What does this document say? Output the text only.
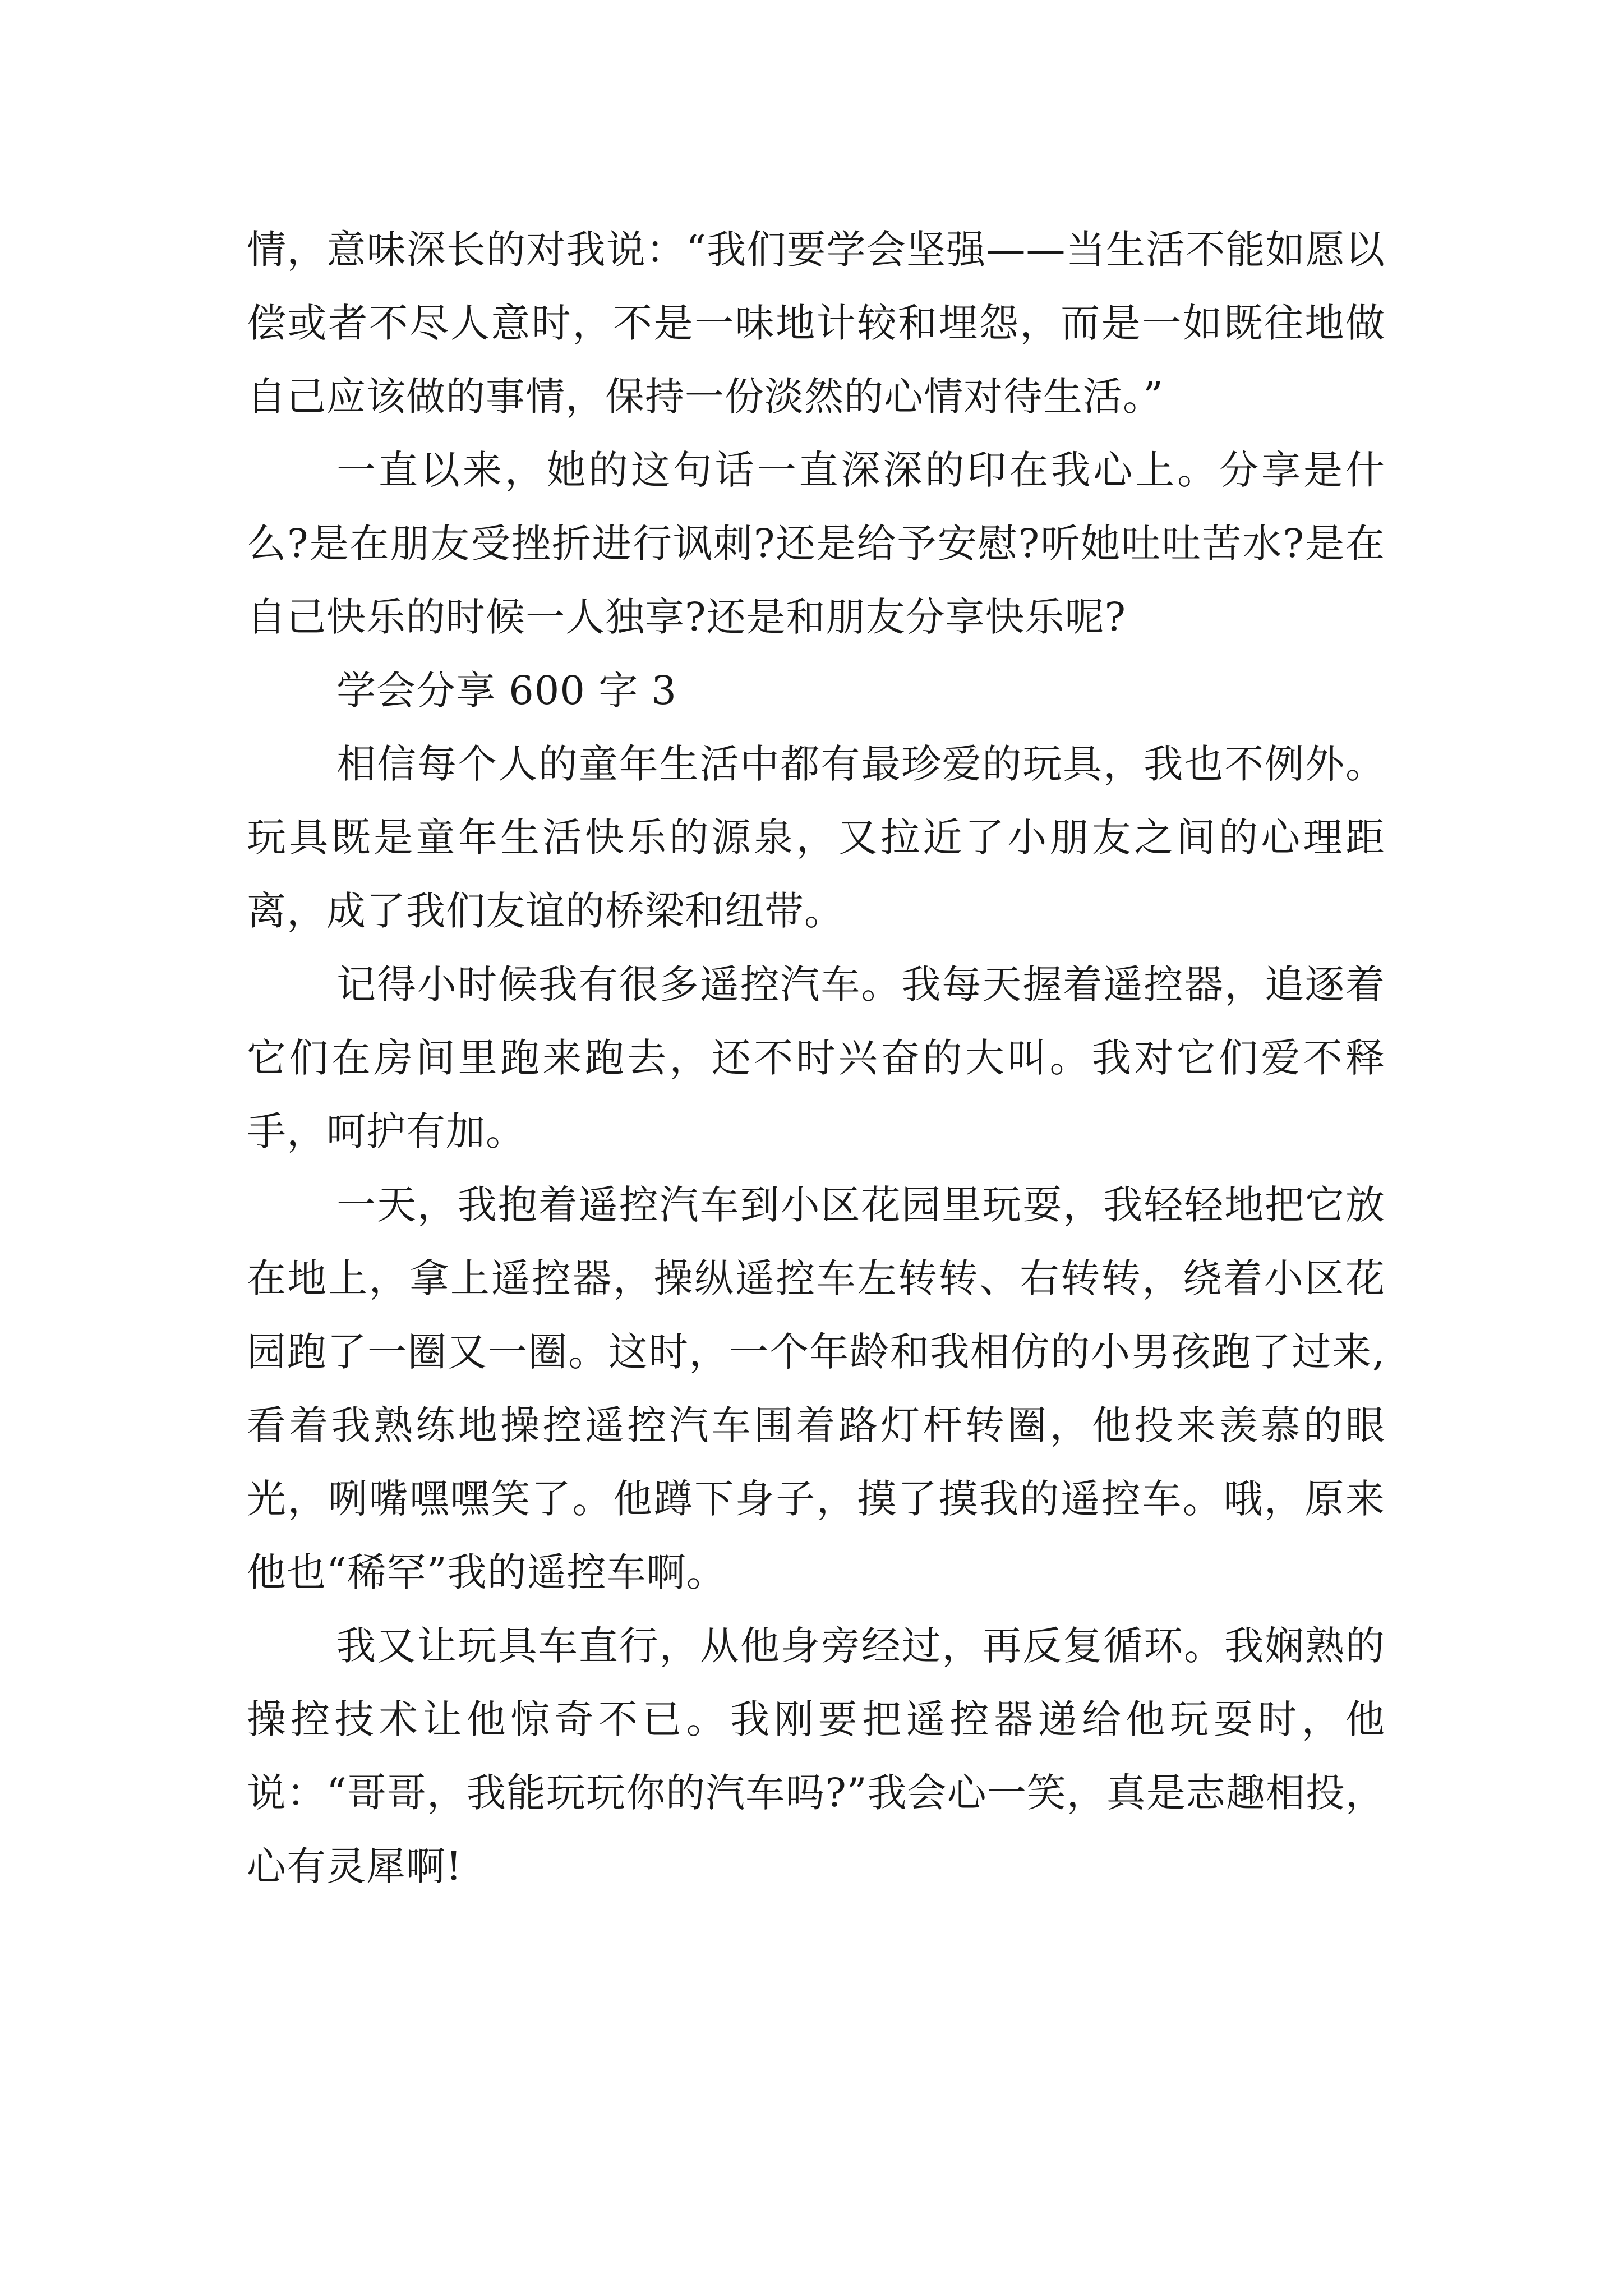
情，意味深长的对我说：“我们要学会坚强——当生活不能如愿以偿或者不尽人意时，不是一味地计较和埋怨，而是一如既往地做自己应该做的事情，保持一份淡然的心情对待生活。”

一直以来，她的这句话一直深深的印在我心上。分享是什么?是在朋友受挫折进行讽刺?还是给予安慰?听她吐吐苦水?是在自己快乐的时候一人独享?还是和朋友分享快乐呢?

学会分享 600 字 3

相信每个人的童年生活中都有最珍爱的玩具，我也不例外。玩具既是童年生活快乐的源泉，又拉近了小朋友之间的心理距离，成了我们友谊的桥梁和纽带。

记得小时候我有很多遥控汽车。我每天握着遥控器，追逐着它们在房间里跑来跑去，还不时兴奋的大叫。我对它们爱不释手，呵护有加。

一天，我抱着遥控汽车到小区花园里玩耍，我轻轻地把它放在地上，拿上遥控器，操纵遥控车左转转、右转转，绕着小区花园跑了一圈又一圈。这时，一个年龄和我相仿的小男孩跑了过来,看着我熟练地操控遥控汽车围着路灯杆转圈，他投来羡慕的眼光，咧嘴嘿嘿笑了。他蹲下身子，摸了摸我的遥控车。哦，原来他也“稀罕”我的遥控车啊。

我又让玩具车直行，从他身旁经过，再反复循环。我娴熟的操控技术让他惊奇不已。我刚要把遥控器递给他玩耍时，他说：“哥哥，我能玩玩你的汽车吗?”我会心一笑，真是志趣相投，心有灵犀啊!
